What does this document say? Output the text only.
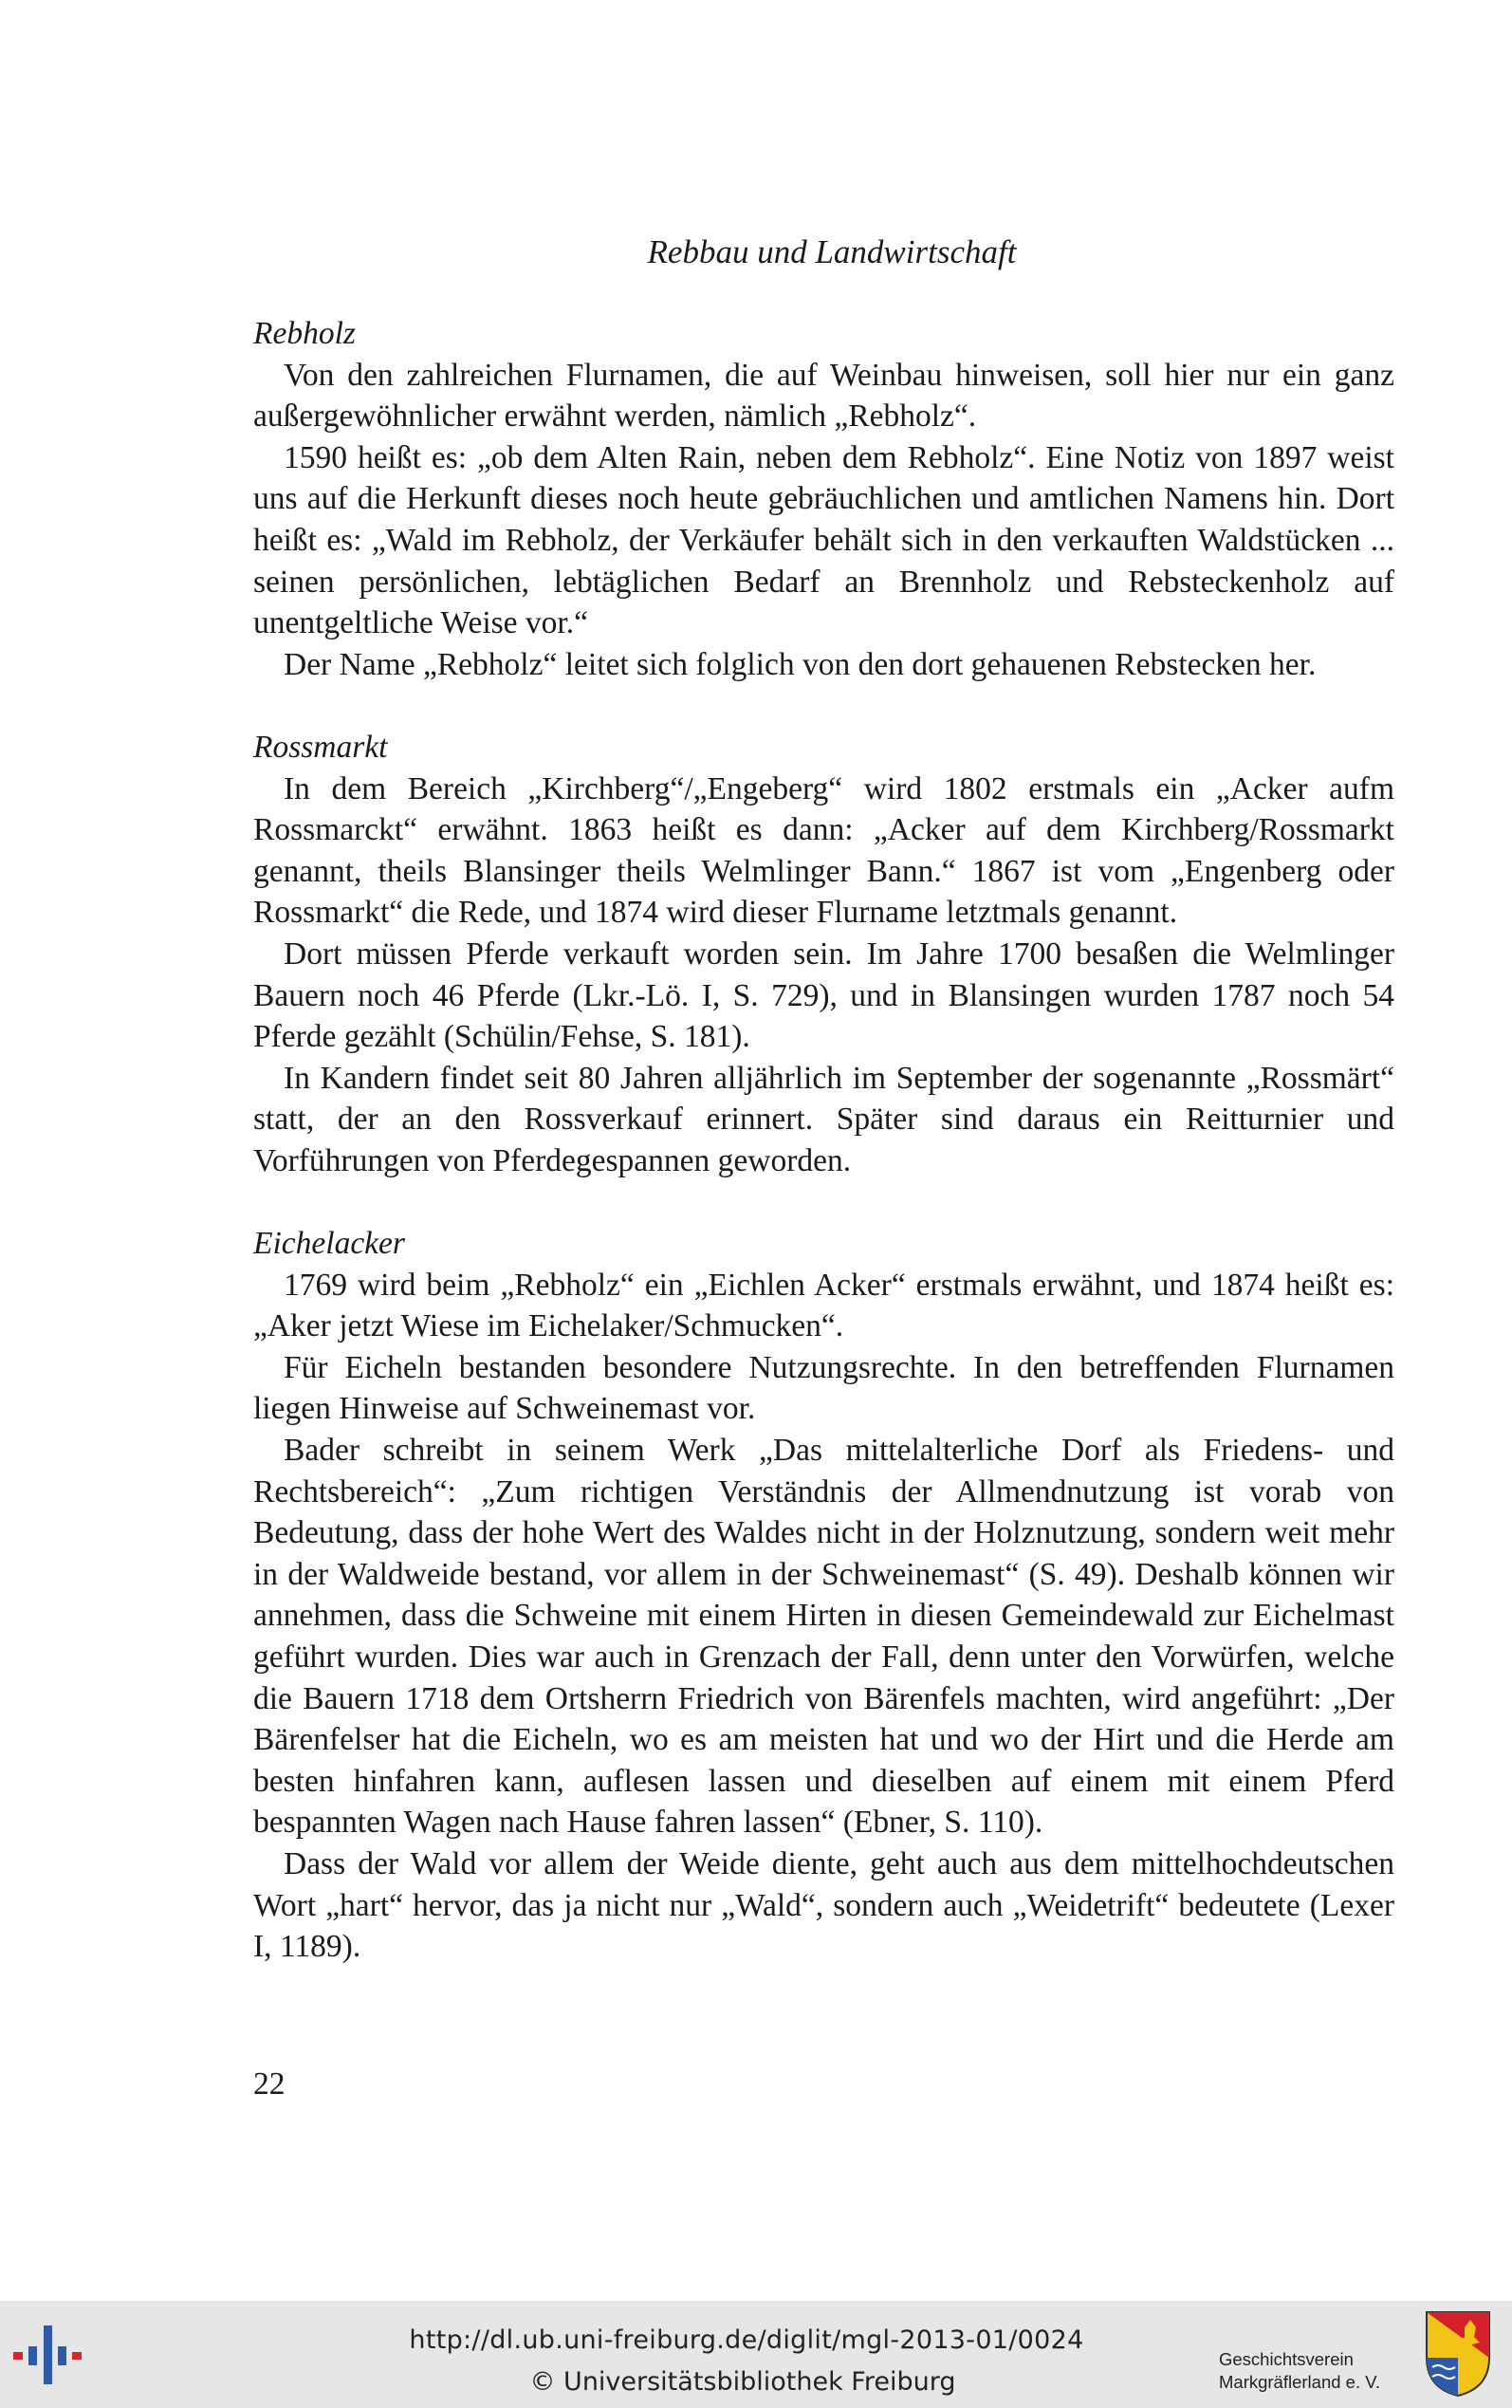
Rebbau und Landwirtschaft

Rebholz

Von den zahlreichen Flurnamen, die auf Weinbau hinweisen, soll hier nur ein ganz außergewöhnlicher erwähnt werden, nämlich „Rebholz“.

1590 heißt es: „ob dem Alten Rain, neben dem Rebholz“. Eine Notiz von 1897 weist uns auf die Herkunft dieses noch heute gebräuchlichen und amtlichen Namens hin. Dort heißt es: „Wald im Rebholz, der Verkäufer behält sich in den verkauften Waldstücken ... seinen persönlichen, lebtäglichen Bedarf an Brennholz und Rebsteckenholz auf unentgeltliche Weise vor.“

Der Name „Rebholz“ leitet sich folglich von den dort gehauenen Rebstecken her.

Rossmarkt

In dem Bereich „Kirchberg“/„Engeberg“ wird 1802 erstmals ein „Acker aufm Rossmarckt“ erwähnt. 1863 heißt es dann: „Acker auf dem Kirchberg/Rossmarkt genannt, theils Blansinger theils Welmlinger Bann.“ 1867 ist vom „Engenberg oder Rossmarkt“ die Rede, und 1874 wird dieser Flurname letztmals genannt.

Dort müssen Pferde verkauft worden sein. Im Jahre 1700 besaßen die Welmlinger Bauern noch 46 Pferde (Lkr.-Lö. I, S. 729), und in Blansingen wurden 1787 noch 54 Pferde gezählt (Schülin/Fehse, S. 181).

In Kandern findet seit 80 Jahren alljährlich im September der sogenannte „Rossmärt“ statt, der an den Rossverkauf erinnert. Später sind daraus ein Reitturnier und Vorführungen von Pferdegespannen geworden.

Eichelacker

1769 wird beim „Rebholz“ ein „Eichlen Acker“ erstmals erwähnt, und 1874 heißt es: „Aker jetzt Wiese im Eichelaker/Schmucken“.

Für Eicheln bestanden besondere Nutzungsrechte. In den betreffenden Flurnamen liegen Hinweise auf Schweinemast vor.

Bader schreibt in seinem Werk „Das mittelalterliche Dorf als Friedens- und Rechtsbereich“: „Zum richtigen Verständnis der Allmendnutzung ist vorab von Bedeutung, dass der hohe Wert des Waldes nicht in der Holznutzung, sondern weit mehr in der Waldweide bestand, vor allem in der Schweinemast“ (S. 49). Deshalb können wir annehmen, dass die Schweine mit einem Hirten in diesen Gemeindewald zur Eichelmast geführt wurden. Dies war auch in Grenzach der Fall, denn unter den Vorwürfen, welche die Bauern 1718 dem Ortsherrn Friedrich von Bärenfels machten, wird angeführt: „Der Bärenfelser hat die Eicheln, wo es am meisten hat und wo der Hirt und die Herde am besten hinfahren kann, auflesen lassen und dieselben auf einem mit einem Pferd bespannten Wagen nach Hause fahren lassen“ (Ebner, S. 110).

Dass der Wald vor allem der Weide diente, geht auch aus dem mittelhochdeutschen Wort „hart“ hervor, das ja nicht nur „Wald“, sondern auch „Weidetrift“ bedeutete (Lexer I, 1189).

22
http://dl.ub.uni-freiburg.de/diglit/mgl-2013-01/0024
© Universitätsbibliothek Freiburg
Geschichtsverein
Markgräflerland e. V.
